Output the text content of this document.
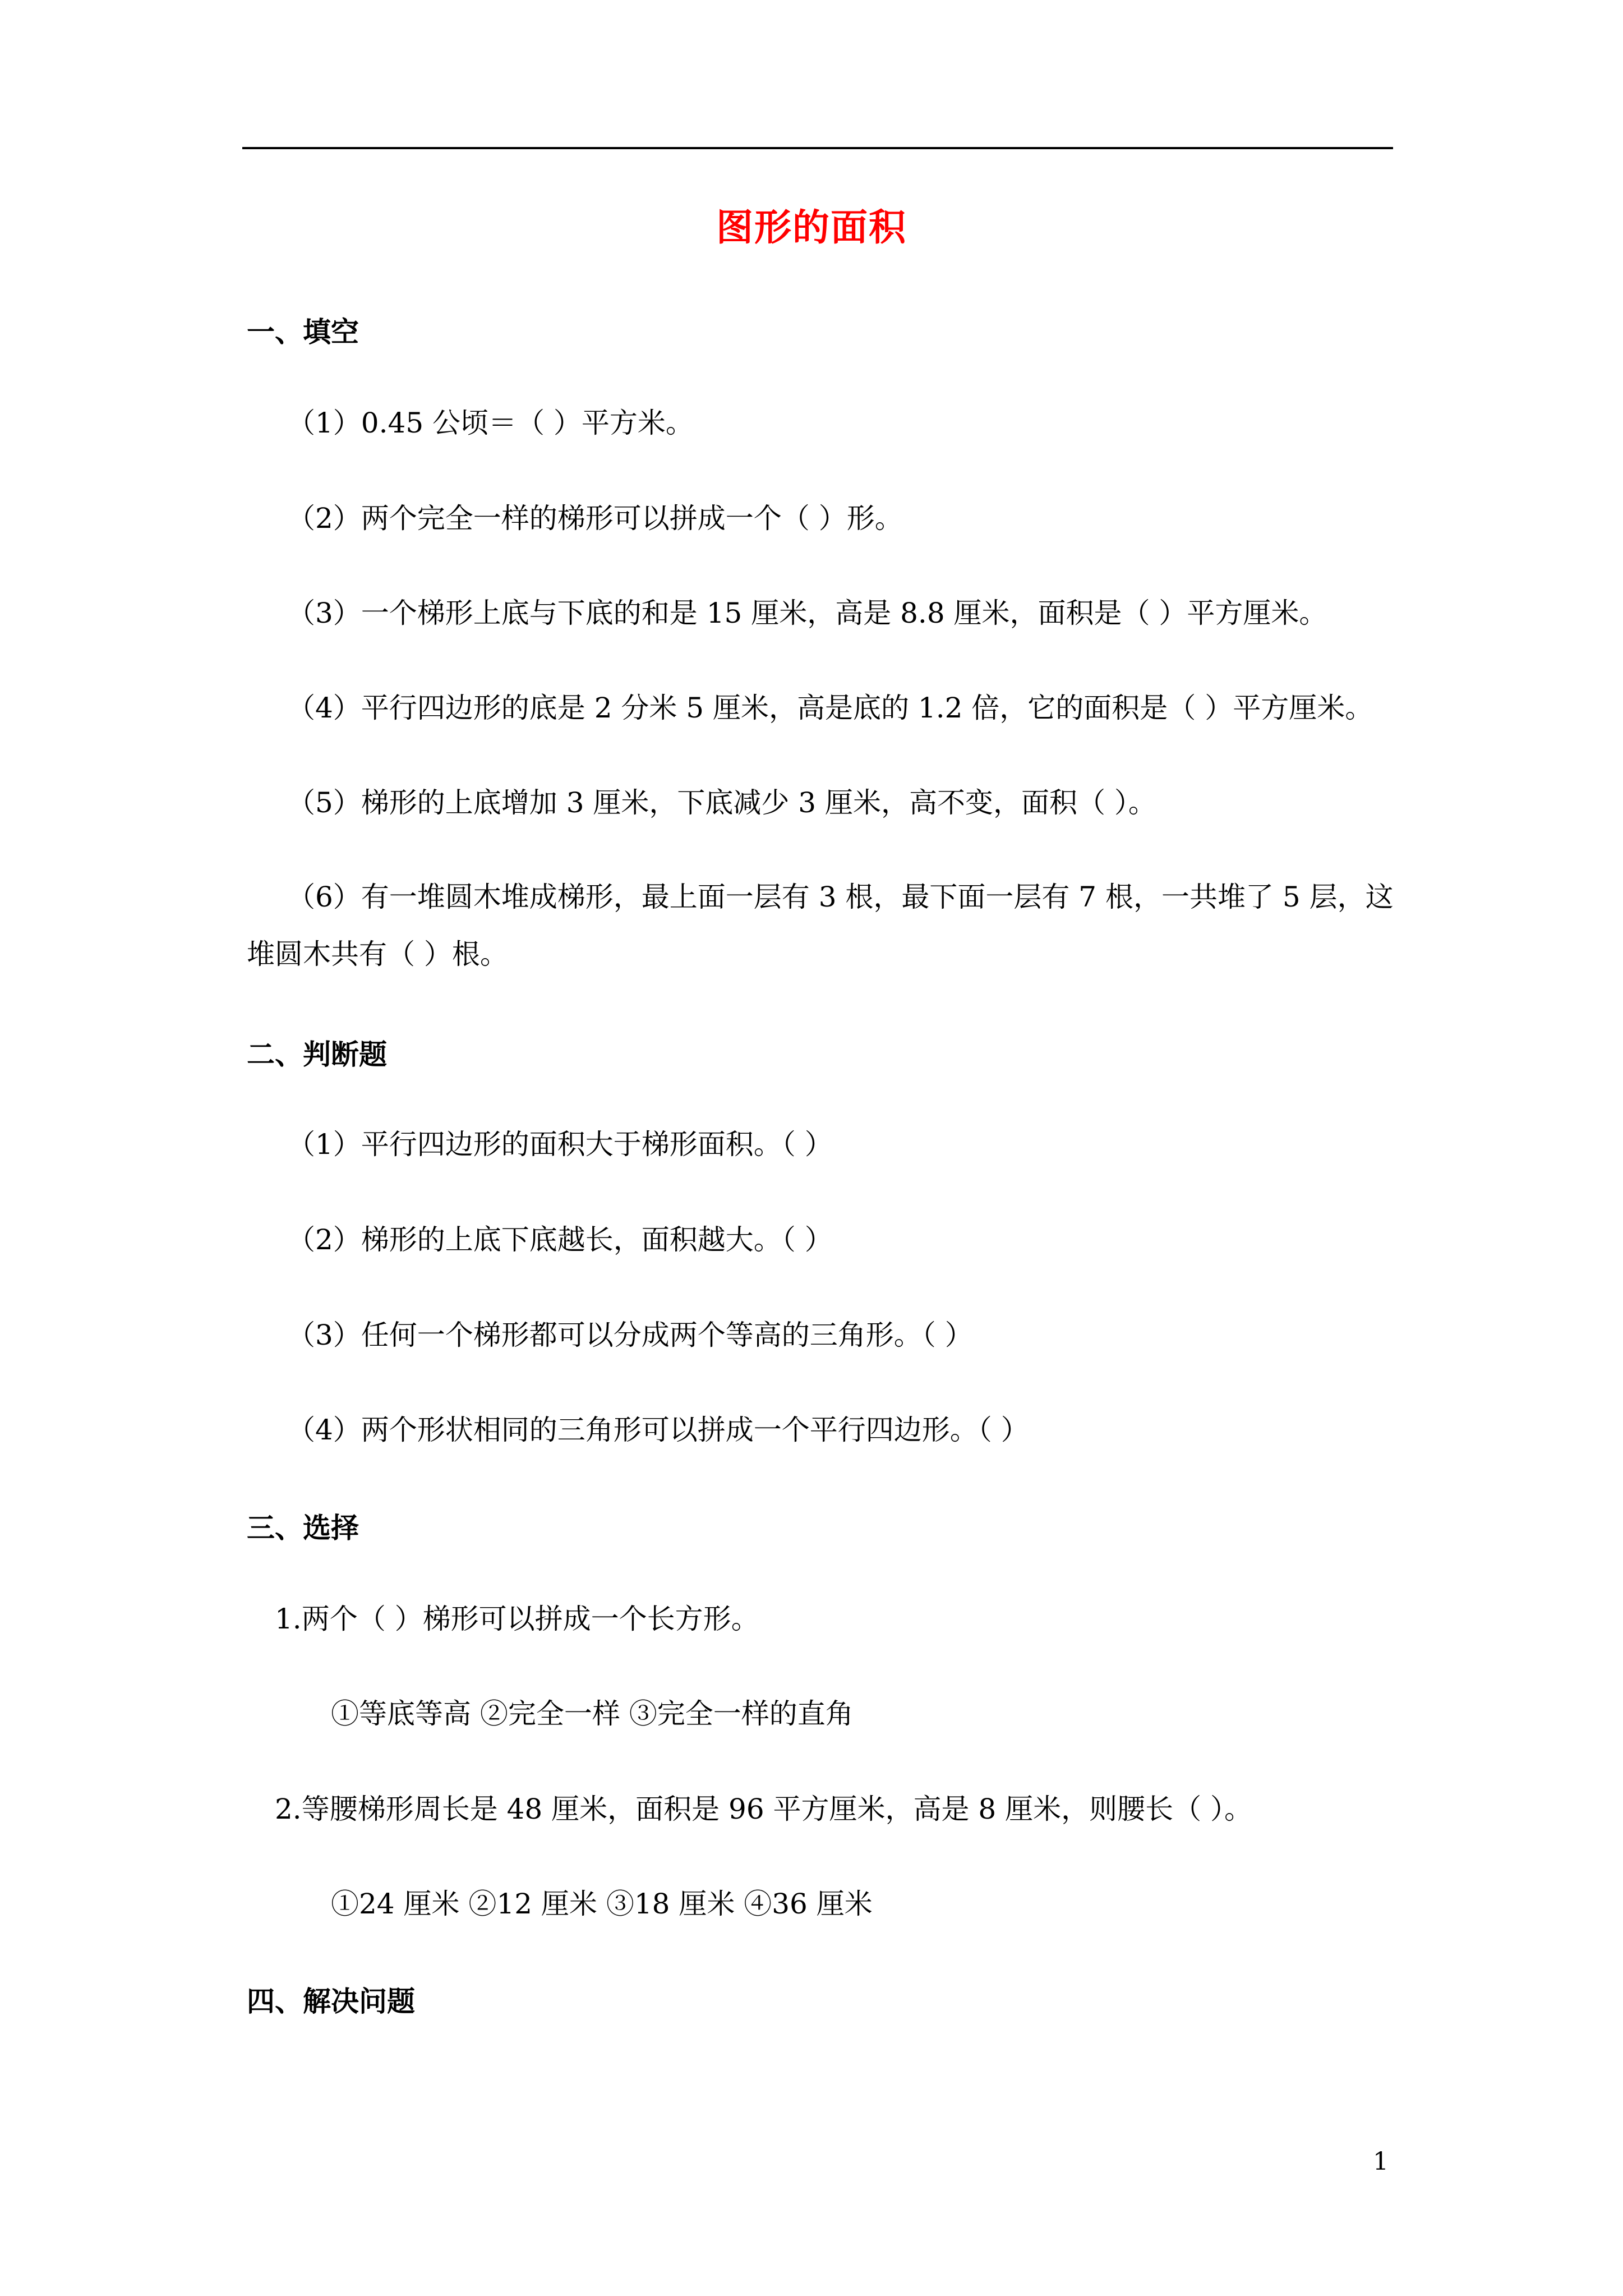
图形的面积
一、填空
（1）0.45 公顷＝（ ）平方米。
（2）两个完全一样的梯形可以拼成一个（ ）形。
（3）一个梯形上底与下底的和是 15 厘米，高是 8.8 厘米，面积是（ ）平方厘米。
（4）平行四边形的底是 2 分米 5 厘米，高是底的 1.2 倍，它的面积是（ ）平方厘米。
（5）梯形的上底增加 3 厘米，下底减少 3 厘米，高不变，面积（ ）。
（6）有一堆圆木堆成梯形，最上面一层有 3 根，最下面一层有 7 根，一共堆了 5 层，这
堆圆木共有（ ）根。
二、判断题
（1）平行四边形的面积大于梯形面积。（ ）
（2）梯形的上底下底越长，面积越大。（ ）
（3）任何一个梯形都可以分成两个等高的三角形。（ ）
（4）两个形状相同的三角形可以拼成一个平行四边形。（ ）
三、选择
1.两个（ ）梯形可以拼成一个长方形。
①等底等高 ②完全一样 ③完全一样的直角
2.等腰梯形周长是 48 厘米，面积是 96 平方厘米，高是 8 厘米，则腰长（ ）。
①24 厘米 ②12 厘米 ③18 厘米 ④36 厘米
四、解决问题
1
